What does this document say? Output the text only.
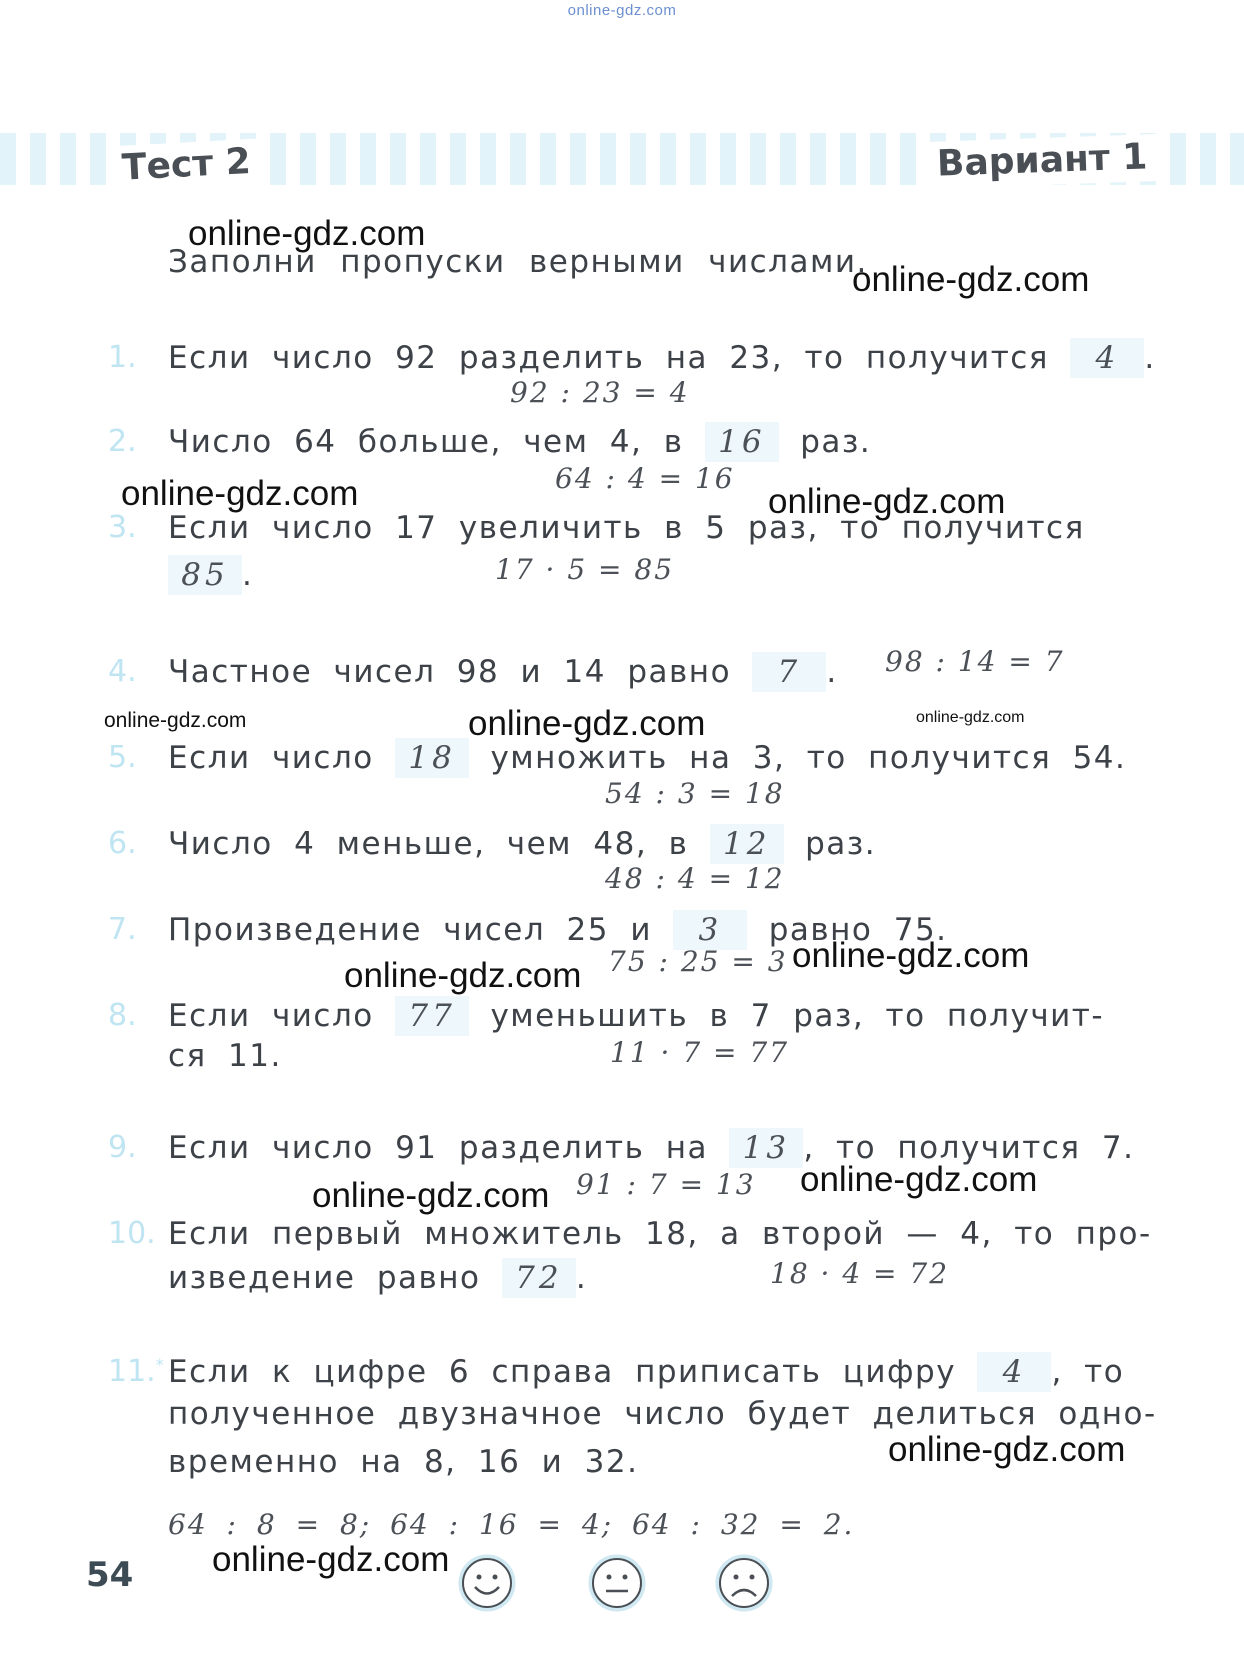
online-gdz.com
Тест 2	Вариант 1
Заполни пропуски верными числами.
1.	Если число 92 разделить на 23, то получится 4 .
92 : 23 = 4
2.	Число 64 больше, чем 4, в 16 раз.
64 : 4 = 16
3.	Если число 17 увеличить в 5 раз, то получится
85 .	17 · 5 = 85
4.	Частное чисел 98 и 14 равно 7 .	98 : 14 = 7
5.	Если число 18 умножить на 3, то получится 54.
54 : 3 = 18
6.	Число 4 меньше, чем 48, в 12 раз.
48 : 4 = 12
7.	Произведение чисел 25 и 3 равно 75.
75 : 25 = 3
8.	Если число 77 уменьшить в 7 раз, то получит-
ся 11.	11 · 7 = 77
9.	Если число 91 разделить на 13 , то получится 7.
91 : 7 = 13
10. Если первый множитель 18, а второй — 4, то про-
изведение равно 72 .	18 · 4 = 72
11.* Если к цифре 6 справа приписать цифру 4 , то
полученное двузначное число будет делиться одно-
временно на 8, 16 и 32.
64 : 8 = 8; 64 : 16 = 4; 64 : 32 = 2.
54
online-gdz.com
online-gdz.com
online-gdz.com	online-gdz.com
online-gdz.com	online-gdz.com	online-gdz.com
online-gdz.com
online-gdz.com
online-gdz.com
online-gdz.com
online-gdz.com
online-gdz.com
